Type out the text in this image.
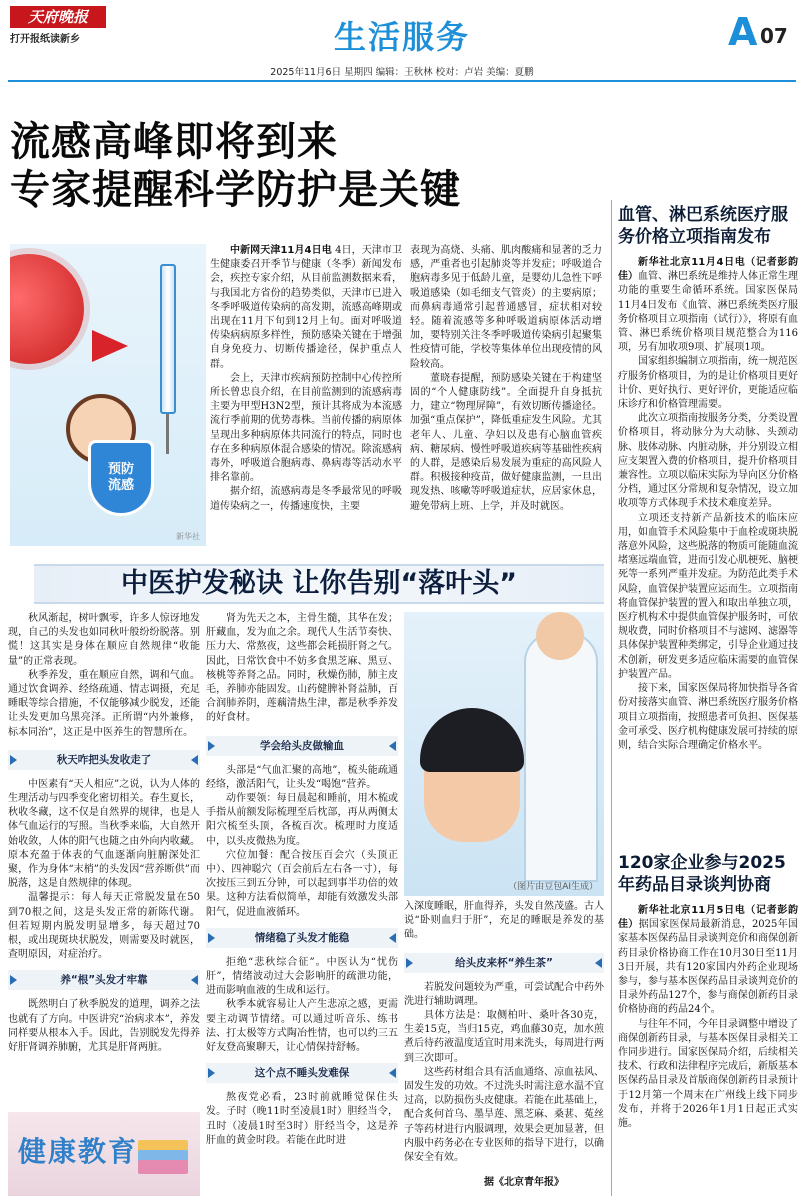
天府晚报
打开报纸读新乡	生活服务	A 07
2025年11月6日 星期四 编辑：王秋林 校对：卢岩 美编：夏鹏
流感高峰即将到来
专家提醒科学防护是关键
预防
流感
新华社

中新网天津11月4日电 4日，天津市卫生健康委召开季节与健康（冬季）新闻发布会，疾控专家介绍，从目前监测数据来看，与我国北方省份的趋势类似，天津市已进入冬季呼吸道传染病的高发期，流感高峰期或出现在11月下旬到12月上旬。面对呼吸道传染病病原多样性，预防感染关键在于增强自身免疫力、切断传播途径，保护重点人群。

会上，天津市疾病预防控制中心传控所所长曾忠良介绍，在目前监测到的流感病毒主要为甲型H3N2型，预计其将成为本流感流行季前期的优势毒株。当前传播的病原体呈现出多种病原体共同流行的特点，同时也存在多种病原体混合感染的情况。除流感病毒外，呼吸道合胞病毒、鼻病毒等活动水平排名靠前。

据介绍，流感病毒是冬季最常见的呼吸道传染病之一，传播速度快，主要

表现为高烧、头痛、肌肉酸痛和显著的乏力感，严重者也引起肺炎等并发症；呼吸道合胞病毒多见于低龄儿童，是婴幼儿急性下呼吸道感染（如毛细支气管炎）的主要病原；而鼻病毒通常引起普通感冒，症状相对较轻。随着流感等多种呼吸道病原体活动增加，要特别关注冬季呼吸道传染病引起聚集性疫情可能，学校等集体单位出现疫情的风险较高。

董晓春提醒，预防感染关键在于构建坚固的“个人健康防线”。全面提升自身抵抗力，建立“物理屏障”，有效切断传播途径。加强“重点保护”，降低重症发生风险。尤其老年人、儿童、孕妇以及患有心脑血管疾病、糖尿病、慢性呼吸道疾病等基础性疾病的人群，是感染后易发展为重症的高风险人群。积极接种疫苗，做好健康监测，一旦出现发热、咳嗽等呼吸道症状，应居家休息，避免带病上班、上学，并及时就医。

中医护发秘诀 让你告别“落叶头”

秋风渐起，树叶飘零，许多人惊讶地发现，自己的头发也如同秋叶般纷纷脱落。别慌！这其实是身体在顺应自然规律“收能量”的正常表现。

秋季养发，重在顺应自然，调和气血。通过饮食调养、经络疏通、情志调摄，充足睡眠等综合措施，不仅能够减少脱发，还能让头发更加乌黑亮泽。正所谓“内外兼修，标本同治”，这正是中医养生的智慧所在。

秋天咋把头发收走了

中医素有“天人相应”之说，认为人体的生理活动与四季变化密切相关。春生夏长，秋收冬藏，这不仅是自然界的规律，也是人体气血运行的写照。当秋季来临，大自然开始收敛，人体的阳气也随之由外向内收藏。原本充盈于体表的气血逐渐向脏腑深处汇聚，作为身体“末梢”的头发因“营养断供”而脱落，这是自然规律的体现。

温馨提示：每人每天正常脱发量在50到70根之间，这是头发正常的新陈代谢。但若短期内脱发明显增多，每天超过70根，或出现斑块状脱发，则需要及时就医，查明原因，对症治疗。

养“根”头发才牢靠

既然明白了秋季脱发的道理，调养之法也就有了方向。中医讲究“治病求本”，养发同样要从根本入手。因此，告别脱发先得养好肝肾调养肺腑，尤其是肝肾两脏。

健康教育

肾为先天之本，主骨生髓，其华在发；肝藏血，发为血之余。现代人生活节奏快、压力大、常熬夜，这些都会耗损肝肾之气。因此，日常饮食中不妨多食黑芝麻、黑豆、核桃等养肾之品。同时，秋燥伤肺，肺主皮毛，养肺亦能固发。山药健脾补肾益肺，百合润肺养阴，莲藕清热生津，都是秋季养发的好食材。

学会给头皮做输血

头部是“气血汇聚的高地”，梳头能疏通经络，激活阳气，让头发“喝饱”营养。

动作要领：每日晨起和睡前，用木梳或手指从前额发际梳理至后枕部，再从两侧太阳穴梳至头顶，各梳百次。梳理时力度适中，以头皮微热为度。

穴位加餐：配合按压百会穴（头顶正中）、四神聪穴（百会前后左右各一寸），每次按压三到五分钟，可以起到事半功倍的效果。这种方法看似简单，却能有效激发头部阳气，促进血液循环。

情绪稳了头发才能稳

拒绝“悲秋综合征”。中医认为“忧伤肝”，情绪波动过大会影响肝的疏泄功能，进而影响血液的生成和运行。

秋季本就容易让人产生悲凉之感，更需要主动调节情绪。可以通过听音乐、练书法、打太极等方式陶冶性情，也可以约三五好友登高聚聊天，让心情保持舒畅。

这个点不睡头发难保

熬夜党必看，23时前就睡觉保住头发。子时（晚11时至凌晨1时）胆经当令，丑时（凌晨1时至3时）肝经当令，这是养肝血的黄金时段。若能在此时进

（图片由豆包AI生成）

入深度睡眠，肝血得养，头发自然茂盛。古人说“卧则血归于肝”，充足的睡眠是养发的基础。

给头皮来杯“养生茶”

若脱发问题较为严重，可尝试配合中药外洗进行辅助调理。

具体方法是：取侧柏叶、桑叶各30克，生姜15克，当归15克，鸡血藤30克，加水煎煮后待药液温度适宜时用来洗头，每周进行两到三次即可。

这些药材组合具有活血通络、凉血祛风、固发生发的功效。不过洗头时需注意水温不宜过高，以防损伤头皮健康。若能在此基础上，配合炙何首乌、墨旱莲、黑芝麻、桑葚、菟丝子等药材进行内服调理，效果会更加显著，但内服中药务必在专业医师的指导下进行，以确保安全有效。

据《北京青年报》
血管、淋巴系统医疗服务价格立项指南发布

新华社北京11月4日电（记者彭韵佳）血管、淋巴系统是维持人体正常生理功能的重要生命循环系统。国家医保局11月4日发布《血管、淋巴系统类医疗服务价格项目立项指南（试行）》，将原有血管、淋巴系统价格项目规范整合为116项，另有加收项9项、扩展项1项。

国家组织编制立项指南，统一规范医疗服务价格项目，为的是让价格项目更好计价、更好执行、更好评价，更能适应临床诊疗和价格管理需要。

此次立项指南按服务分类，分类设置价格项目，将动脉分为大动脉、头颈动脉、肢体动脉、内脏动脉，并分别设立相应支架置入费的价格项目，提升价格项目兼容性。立项以临床实际为导向区分价格分档，通过区分常规和复杂情况，设立加收项等方式体现手术技术难度差异。

立项还支持新产品新技术的临床应用，如血管手术风险集中于血栓或斑块脱落意外风险，这些脱落的物质可能随血流堵塞远端血管，进而引发心肌梗死、脑梗死等一系列严重并发症。为防范此类手术风险，血管保护装置应运而生。立项指南将血管保护装置的置入和取出单独立项，医疗机构术中提供血管保护服务时，可依规收费，同时价格项目不与滤网、滤器等具体保护装置种类绑定，引导企业通过技术创新，研发更多适应临床需要的血管保护装置产品。

接下来，国家医保局将加快指导各省份对接落实血管、淋巴系统医疗服务价格项目立项指南，按照患者可负担、医保基金可承受、医疗机构健康发展可持续的原则，结合实际合理确定价格水平。

120家企业参与2025年药品目录谈判协商

新华社北京11月5日电（记者彭韵佳）据国家医保局最新消息，2025年国家基本医保药品目录谈判竞价和商保创新药目录价格协商工作在10月30日至11月3日开展，共有120家国内外药企业现场参与，参与基本医保药品目录谈判竞价的目录外药品127个，参与商保创新药目录价格协商的药品24个。

与往年不同，今年目录调整中增设了商保创新药目录，与基本医保目录相关工作同步进行。国家医保局介绍，后续相关技术、行政和法律程序完成后，新版基本医保药品目录及首版商保创新药目录预计于12月第一个周末在广州线上线下同步发布，并将于2026年1月1日起正式实施。
